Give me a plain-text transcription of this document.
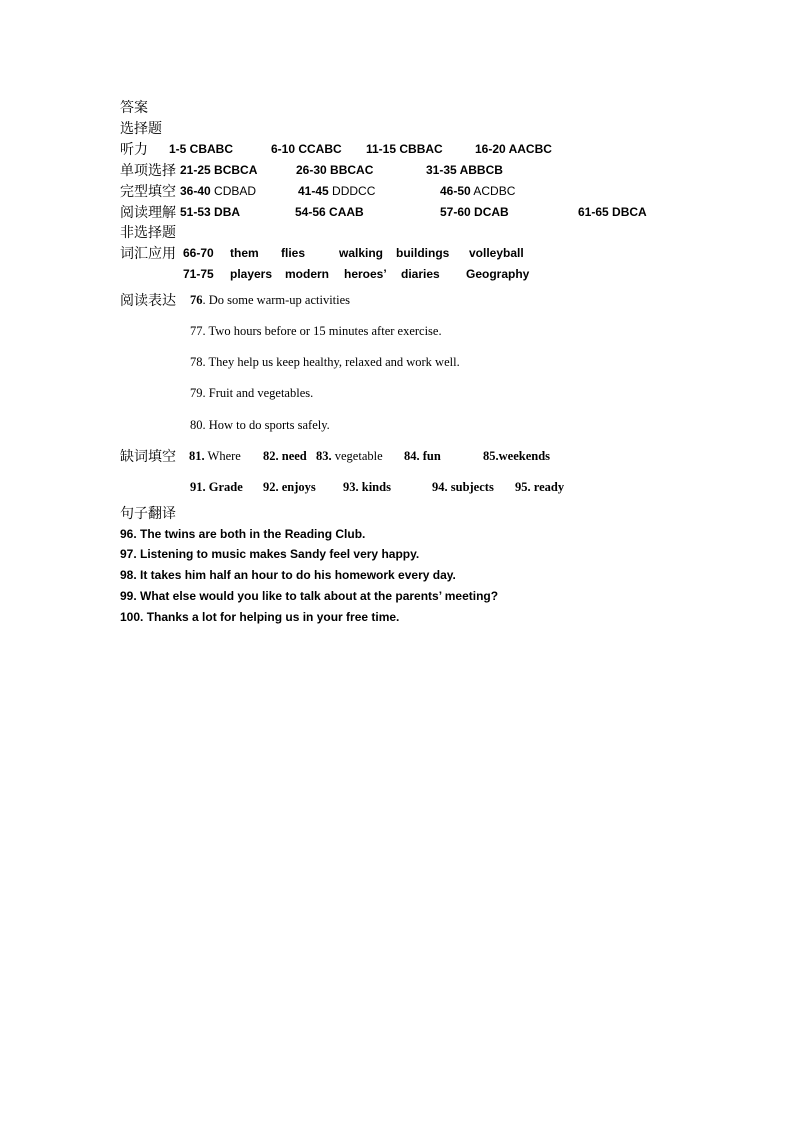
答案
选择题
听力 1-5 CBABC	6-10 CCABC 11-15 CBBAC	16-20 AACBC
单项选择 21-25 BCBCA	26-30 BBCAC	31-35 ABBCB
完型填空 36-40 CDBAD	41-45 DDDCC	46-50 ACDBC
阅读理解 51-53 DBA	54-56 CAAB	57-60 DCAB	61-65 DBCA
非选择题
词汇应用 66-70 them flies	walking buildings volleyball
71-75 players modern heroes’ diaries Geography
阅读表达 76. Do some warm-up activities
77. Two hours before or 15 minutes after exercise.
78. They help us keep healthy, relaxed and work well.
79. Fruit and vegetables.
80. How to do sports safely.
缺词填空 81. Where 82. need 83. vegetable 84. fun	85.weekends
91. Grade 92. enjoys 93. kinds	94. subjects 95. ready
句子翻译
96. The twins are both in the Reading Club.
97. Listening to music makes Sandy feel very happy.
98. It takes him half an hour to do his homework every day.
99. What else would you like to talk about at the parents’ meeting?
100. Thanks a lot for helping us in your free time.
